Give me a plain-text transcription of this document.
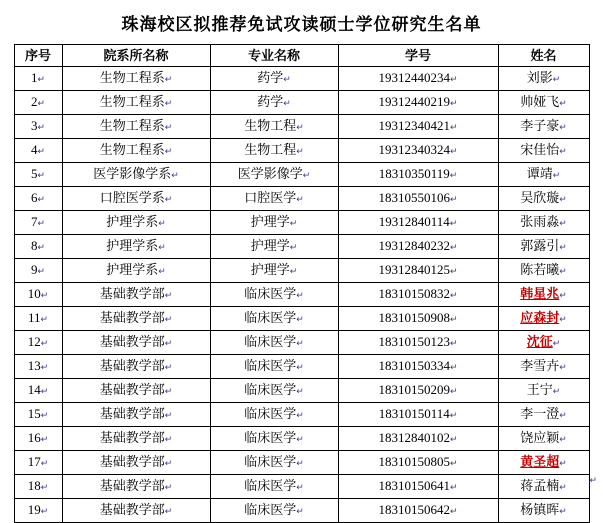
珠海校区拟推荐免试攻读硕士学位研究生名单
序号	院系所名称	专业名称	学号	姓名
1↵	生物工程系↵	药学↵	19312440234↵	刘影↵
2↵	生物工程系↵	药学↵	19312440219↵	帅娅飞↵
3↵	生物工程系↵	生物工程↵	19312340421↵	李子豪↵
4↵	生物工程系↵	生物工程↵	19312340324↵	宋佳怡↵
5↵	医学影像学系↵	医学影像学↵	18310350119↵	谭靖↵
6↵	口腔医学系↵	口腔医学↵	18310550106↵	吴欣璇↵
7↵	护理学系↵	护理学↵	19312840114↵	张雨淼↵
8↵	护理学系↵	护理学↵	19312840232↵	郭露引↵
9↵	护理学系↵	护理学↵	19312840125↵	陈若曦↵
10↵	基础教学部↵	临床医学↵	18310150832↵	韩星兆↵
11↵	基础教学部↵	临床医学↵	18310150908↵	应森封↵
12↵	基础教学部↵	临床医学↵	18310150123↵	沈征↵
13↵	基础教学部↵	临床医学↵	18310150334↵	李雪卉↵
14↵	基础教学部↵	临床医学↵	18310150209↵	王宁↵
15↵	基础教学部↵	临床医学↵	18310150114↵	李一澄↵
16↵	基础教学部↵	临床医学↵	18312840102↵	饶应颖↵
17↵	基础教学部↵	临床医学↵	18310150805↵	黄圣超↵
18↵	基础教学部↵	临床医学↵	18310150641↵	蒋孟楠↵
19↵	基础教学部↵	临床医学↵	18310150642↵	杨镇晖↵
↵
